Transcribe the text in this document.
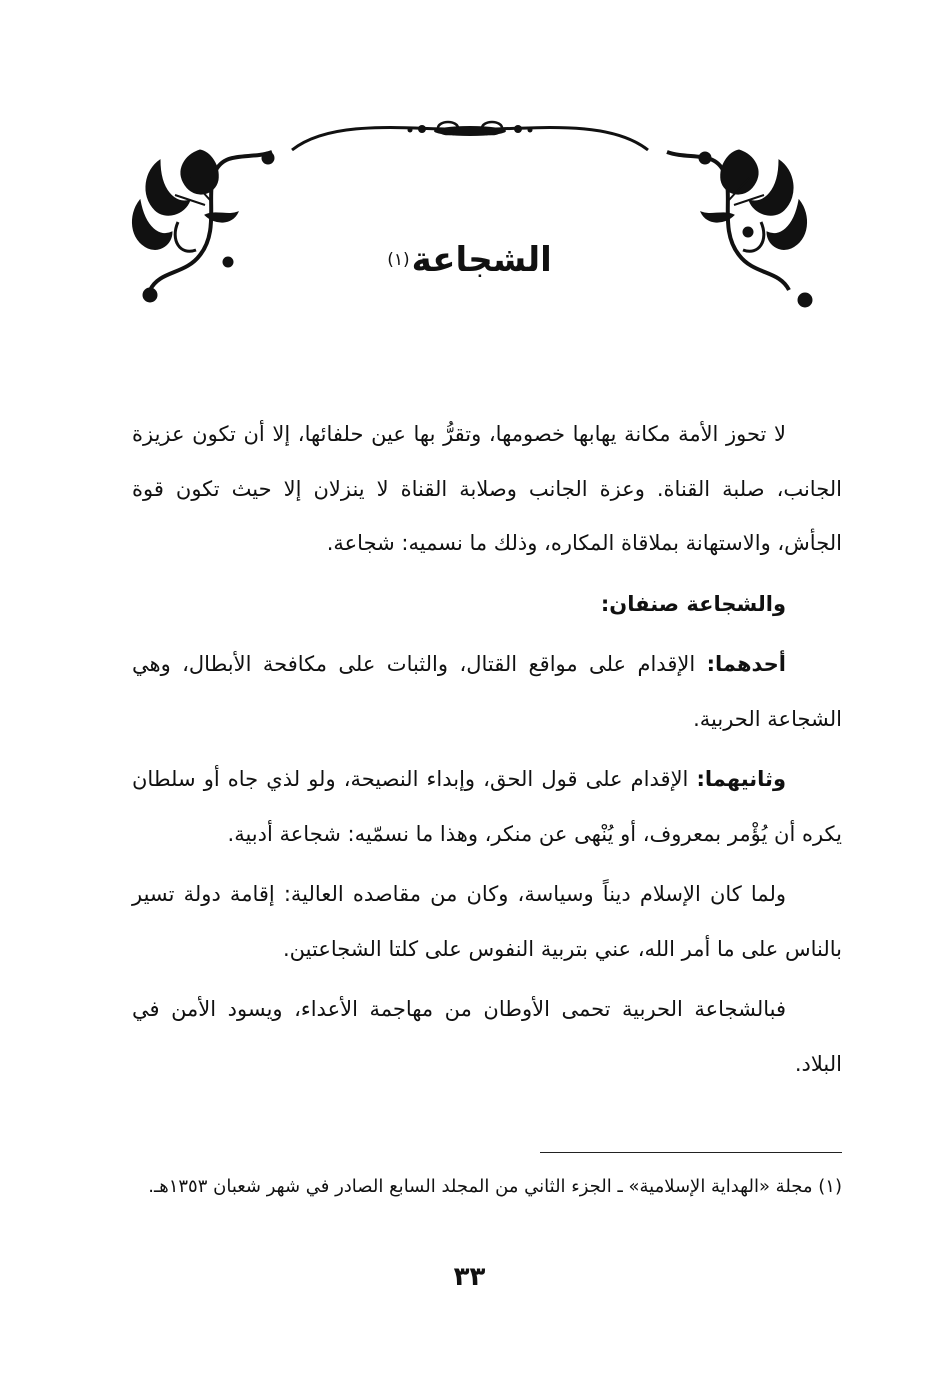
الشجاعة(١)

لا تحوز الأمة مكانة يهابها خصومها، وتقرُّ بها عين حلفائها، إلا أن تكون عزيزة الجانب، صلبة القناة. وعزة الجانب وصلابة القناة لا ينزلان إلا حيث تكون قوة الجأش، والاستهانة بملاقاة المكاره، وذلك ما نسميه: شجاعة.

والشجاعة صنفان:

أحدهما: الإقدام على مواقع القتال، والثبات على مكافحة الأبطال، وهي الشجاعة الحربية.

وثانيهما: الإقدام على قول الحق، وإبداء النصيحة، ولو لذي جاه أو سلطان يكره أن يُؤْمر بمعروف، أو يُنْهى عن منكر، وهذا ما نسمّيه: شجاعة أدبية.

ولما كان الإسلام ديناً وسياسة، وكان من مقاصده العالية: إقامة دولة تسير بالناس على ما أمر الله، عني بتربية النفوس على كلتا الشجاعتين.

فبالشجاعة الحربية تحمى الأوطان من مهاجمة الأعداء، ويسود الأمن في البلاد.

(١) مجلة «الهداية الإسلامية» ـ الجزء الثاني من المجلد السابع الصادر في شهر شعبان ١٣٥٣هـ.
٣٣
